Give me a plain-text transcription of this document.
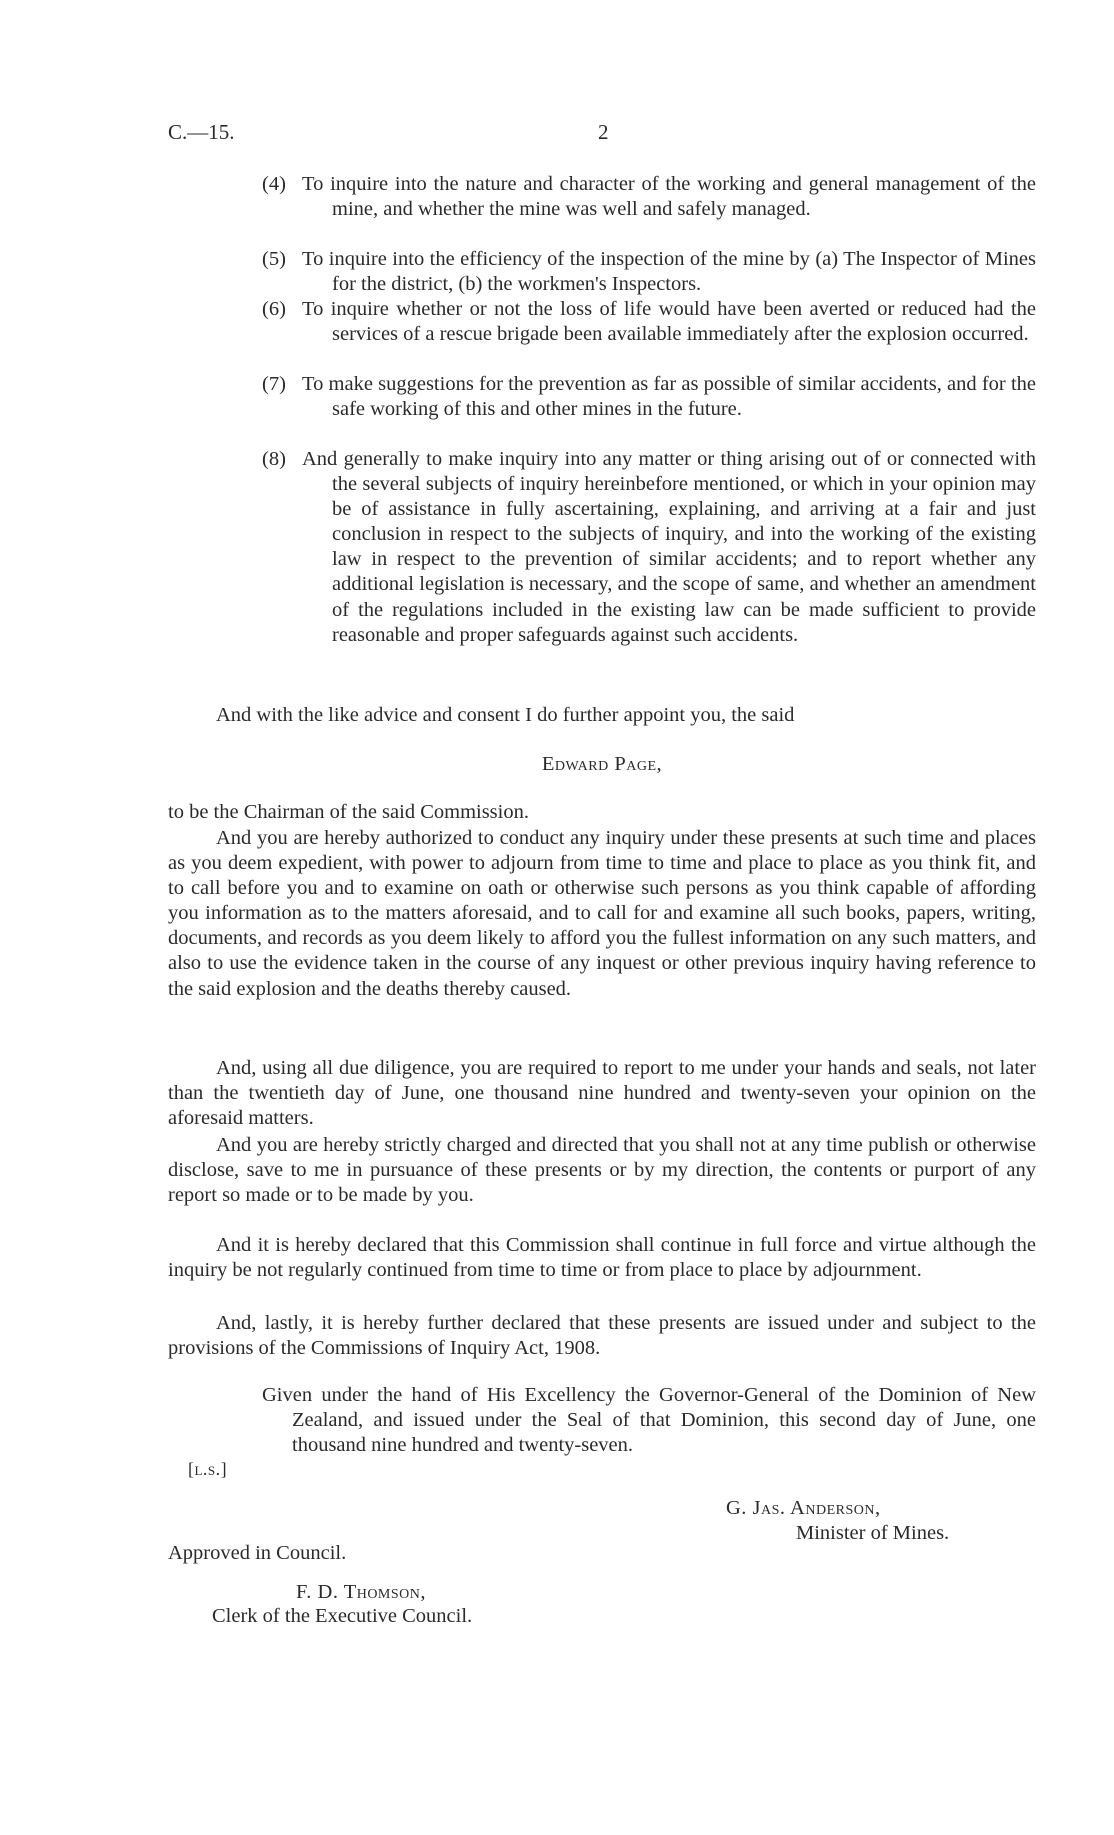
C.—15.	2
(4) To inquire into the nature and character of the working and general management of the mine, and whether the mine was well and safely managed.
(5) To inquire into the efficiency of the inspection of the mine by (a) The Inspector of Mines for the district, (b) the workmen's Inspectors.
(6) To inquire whether or not the loss of life would have been averted or reduced had the services of a rescue brigade been available immediately after the explosion occurred.
(7) To make suggestions for the prevention as far as possible of similar accidents, and for the safe working of this and other mines in the future.
(8) And generally to make inquiry into any matter or thing arising out of or connected with the several subjects of inquiry hereinbefore mentioned, or which in your opinion may be of assistance in fully ascertaining, explaining, and arriving at a fair and just conclusion in respect to the subjects of inquiry, and into the working of the existing law in respect to the prevention of similar accidents; and to report whether any additional legislation is necessary, and the scope of same, and whether an amendment of the regulations included in the existing law can be made sufficient to provide reasonable and proper safeguards against such accidents.
And with the like advice and consent I do further appoint you, the said
Edward Page,
to be the Chairman of the said Commission.
And you are hereby authorized to conduct any inquiry under these presents at such time and places as you deem expedient, with power to adjourn from time to time and place to place as you think fit, and to call before you and to examine on oath or otherwise such persons as you think capable of affording you information as to the matters aforesaid, and to call for and examine all such books, papers, writing, documents, and records as you deem likely to afford you the fullest information on any such matters, and also to use the evidence taken in the course of any inquest or other previous inquiry having reference to the said explosion and the deaths thereby caused.
And, using all due diligence, you are required to report to me under your hands and seals, not later than the twentieth day of June, one thousand nine hundred and twenty-seven your opinion on the aforesaid matters.
And you are hereby strictly charged and directed that you shall not at any time publish or otherwise disclose, save to me in pursuance of these presents or by my direction, the contents or purport of any report so made or to be made by you.
And it is hereby declared that this Commission shall continue in full force and virtue although the inquiry be not regularly continued from time to time or from place to place by adjournment.
And, lastly, it is hereby further declared that these presents are issued under and subject to the provisions of the Commissions of Inquiry Act, 1908.
Given under the hand of His Excellency the Governor-General of the Dominion of New Zealand, and issued under the Seal of that Dominion, this second day of June, one thousand nine hundred and twenty-seven.
[l.s.]
G. Jas. Anderson,
Minister of Mines.
Approved in Council.
F. D. Thomson,
Clerk of the Executive Council.
